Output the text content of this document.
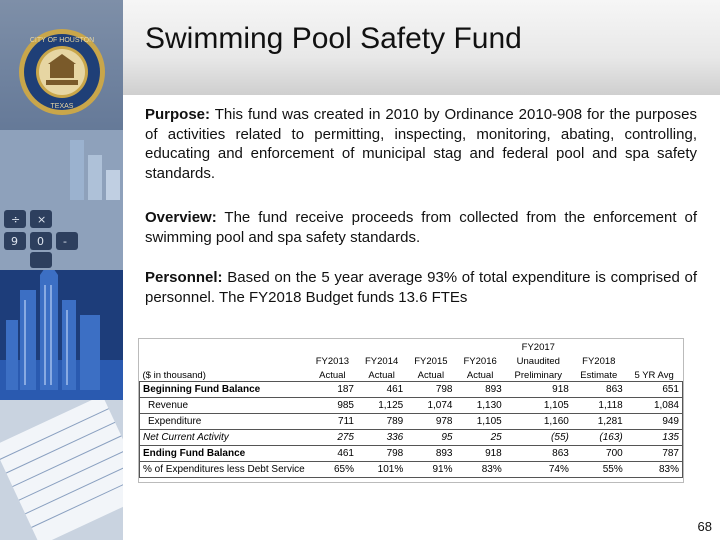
CITY OF HOUSTON
TEXAS
÷ ×
9 0 -
Swimming Pool Safety Fund

Purpose: This fund was created in 2010 by Ordinance 2010-908 for the purposes of activities related to permitting, inspecting, monitoring, abating, controlling, educating and enforcement of municipal stag and federal pool and spa safety standards.

Overview: The fund receive proceeds from collected from the enforcement of swimming pool and spa safety standards.

Personnel: Based on the 5 year average 93% of total expenditure is comprised of personnel. The FY2018 Budget funds 13.6 FTEs

					FY2017		
	FY2013	FY2014	FY2015	FY2016	Unaudited	FY2018	
($ in thousand)	Actual	Actual	Actual	Actual	Preliminary	Estimate	5 YR Avg
Beginning Fund Balance	187	461	798	893	918	863	651
Revenue	985	1,125	1,074	1,130	1,105	1,118	1,084
Expenditure	711	789	978	1,105	1,160	1,281	949
Net Current Activity	275	336	95	25	(55)	(163)	135
Ending Fund Balance	461	798	893	918	863	700	787
% of Expenditures less Debt Service	65%	101%	91%	83%	74%	55%	83%
68
